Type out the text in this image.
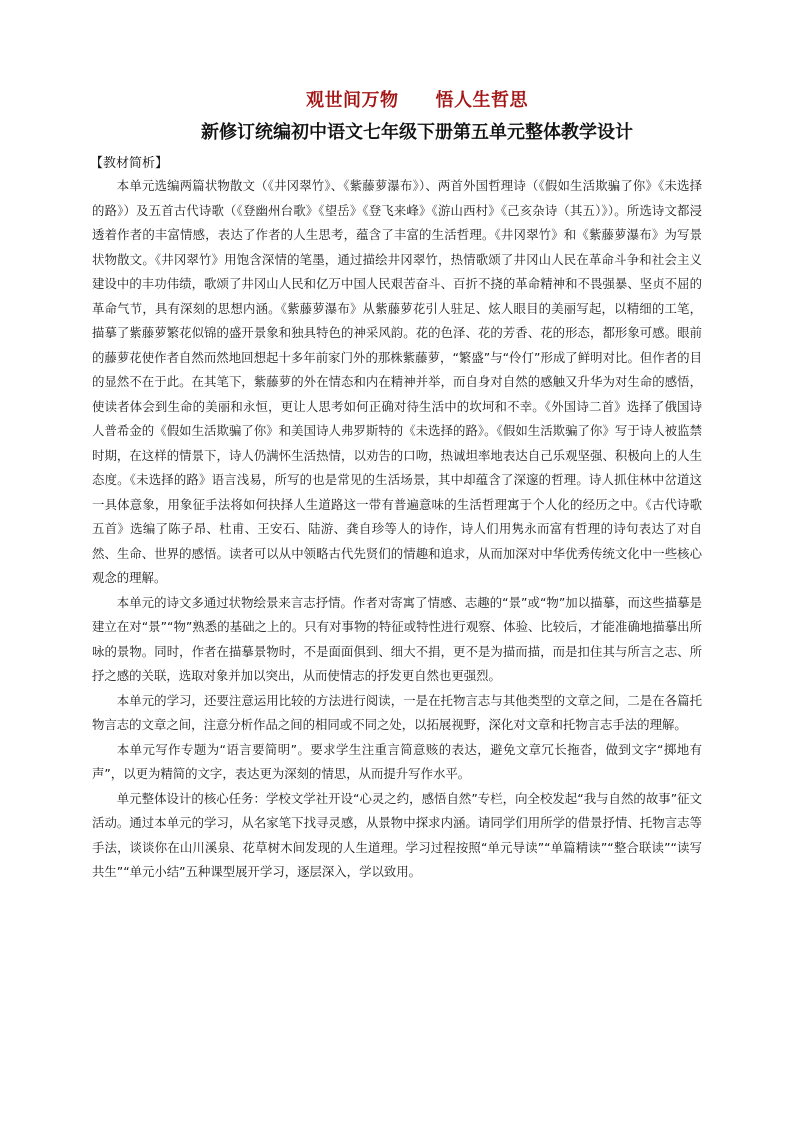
观世间万物　　悟人生哲思
新修订统编初中语文七年级下册第五单元整体教学设计
【教材简析】

本单元选编两篇状物散文（《井冈翠竹》、《紫藤萝瀑布》）、两首外国哲理诗（《假如生活欺骗了你》《未选择的路》）及五首古代诗歌（《登幽州台歌》《望岳》《登飞来峰》《游山西村》《己亥杂诗（其五）》）。所选诗文都浸透着作者的丰富情感，表达了作者的人生思考，蕴含了丰富的生活哲理。《井冈翠竹》和《紫藤萝瀑布》为写景状物散文。《井冈翠竹》用饱含深情的笔墨，通过描绘井冈翠竹，热情歌颂了井冈山人民在革命斗争和社会主义建设中的丰功伟绩，歌颂了井冈山人民和亿万中国人民艰苦奋斗、百折不挠的革命精神和不畏强暴、坚贞不屈的革命气节，具有深刻的思想内涵。《紫藤萝瀑布》从紫藤萝花引人驻足、炫人眼目的美丽写起，以精细的工笔，描摹了紫藤萝繁花似锦的盛开景象和独具特色的神采风韵。花的色泽、花的芳香、花的形态，都形象可感。眼前的藤萝花使作者自然而然地回想起十多年前家门外的那株紫藤萝，“繁盛”与“伶仃”形成了鲜明对比。但作者的目的显然不在于此。在其笔下，紫藤萝的外在情态和内在精神并举，而自身对自然的感触又升华为对生命的感悟，使读者体会到生命的美丽和永恒，更让人思考如何正确对待生活中的坎坷和不幸。《外国诗二首》选择了俄国诗人普希金的《假如生活欺骗了你》和美国诗人弗罗斯特的《未选择的路》。《假如生活欺骗了你》写于诗人被监禁时期，在这样的情景下，诗人仍满怀生活热情，以劝告的口吻，热诚坦率地表达自己乐观坚强、积极向上的人生态度。《未选择的路》语言浅易，所写的也是常见的生活场景，其中却蕴含了深邃的哲理。诗人抓住林中岔道这一具体意象，用象征手法将如何抉择人生道路这一带有普遍意味的生活哲理寓于个人化的经历之中。《古代诗歌五首》选编了陈子昂、杜甫、王安石、陆游、龚自珍等人的诗作，诗人们用隽永而富有哲理的诗句表达了对自然、生命、世界的感悟。读者可以从中领略古代先贤们的情趣和追求，从而加深对中华优秀传统文化中一些核心观念的理解。

本单元的诗文多通过状物绘景来言志抒情。作者对寄寓了情感、志趣的“景”或“物”加以描摹，而这些描摹是建立在对“景”“物”熟悉的基础之上的。只有对事物的特征或特性进行观察、体验、比较后，才能准确地描摹出所咏的景物。同时，作者在描摹景物时，不是面面俱到、细大不捐，更不是为描而描，而是扣住其与所言之志、所抒之感的关联，选取对象并加以突出，从而使情志的抒发更自然也更强烈。

本单元的学习，还要注意运用比较的方法进行阅读，一是在托物言志与其他类型的文章之间，二是在各篇托物言志的文章之间，注意分析作品之间的相同或不同之处，以拓展视野，深化对文章和托物言志手法的理解。

本单元写作专题为“语言要简明”。要求学生注重言简意赅的表达，避免文章冗长拖沓，做到文字“掷地有声”，以更为精简的文字，表达更为深刻的情思，从而提升写作水平。

单元整体设计的核心任务：学校文学社开设“心灵之约，感悟自然”专栏，向全校发起“我与自然的故事”征文活动。通过本单元的学习，从名家笔下找寻灵感，从景物中探求内涵。请同学们用所学的借景抒情、托物言志等手法，谈谈你在山川溪泉、花草树木间发现的人生道理。学习过程按照“单元导读”“单篇精读”“整合联读”“读写共生”“单元小结”五种课型展开学习，逐层深入，学以致用。
